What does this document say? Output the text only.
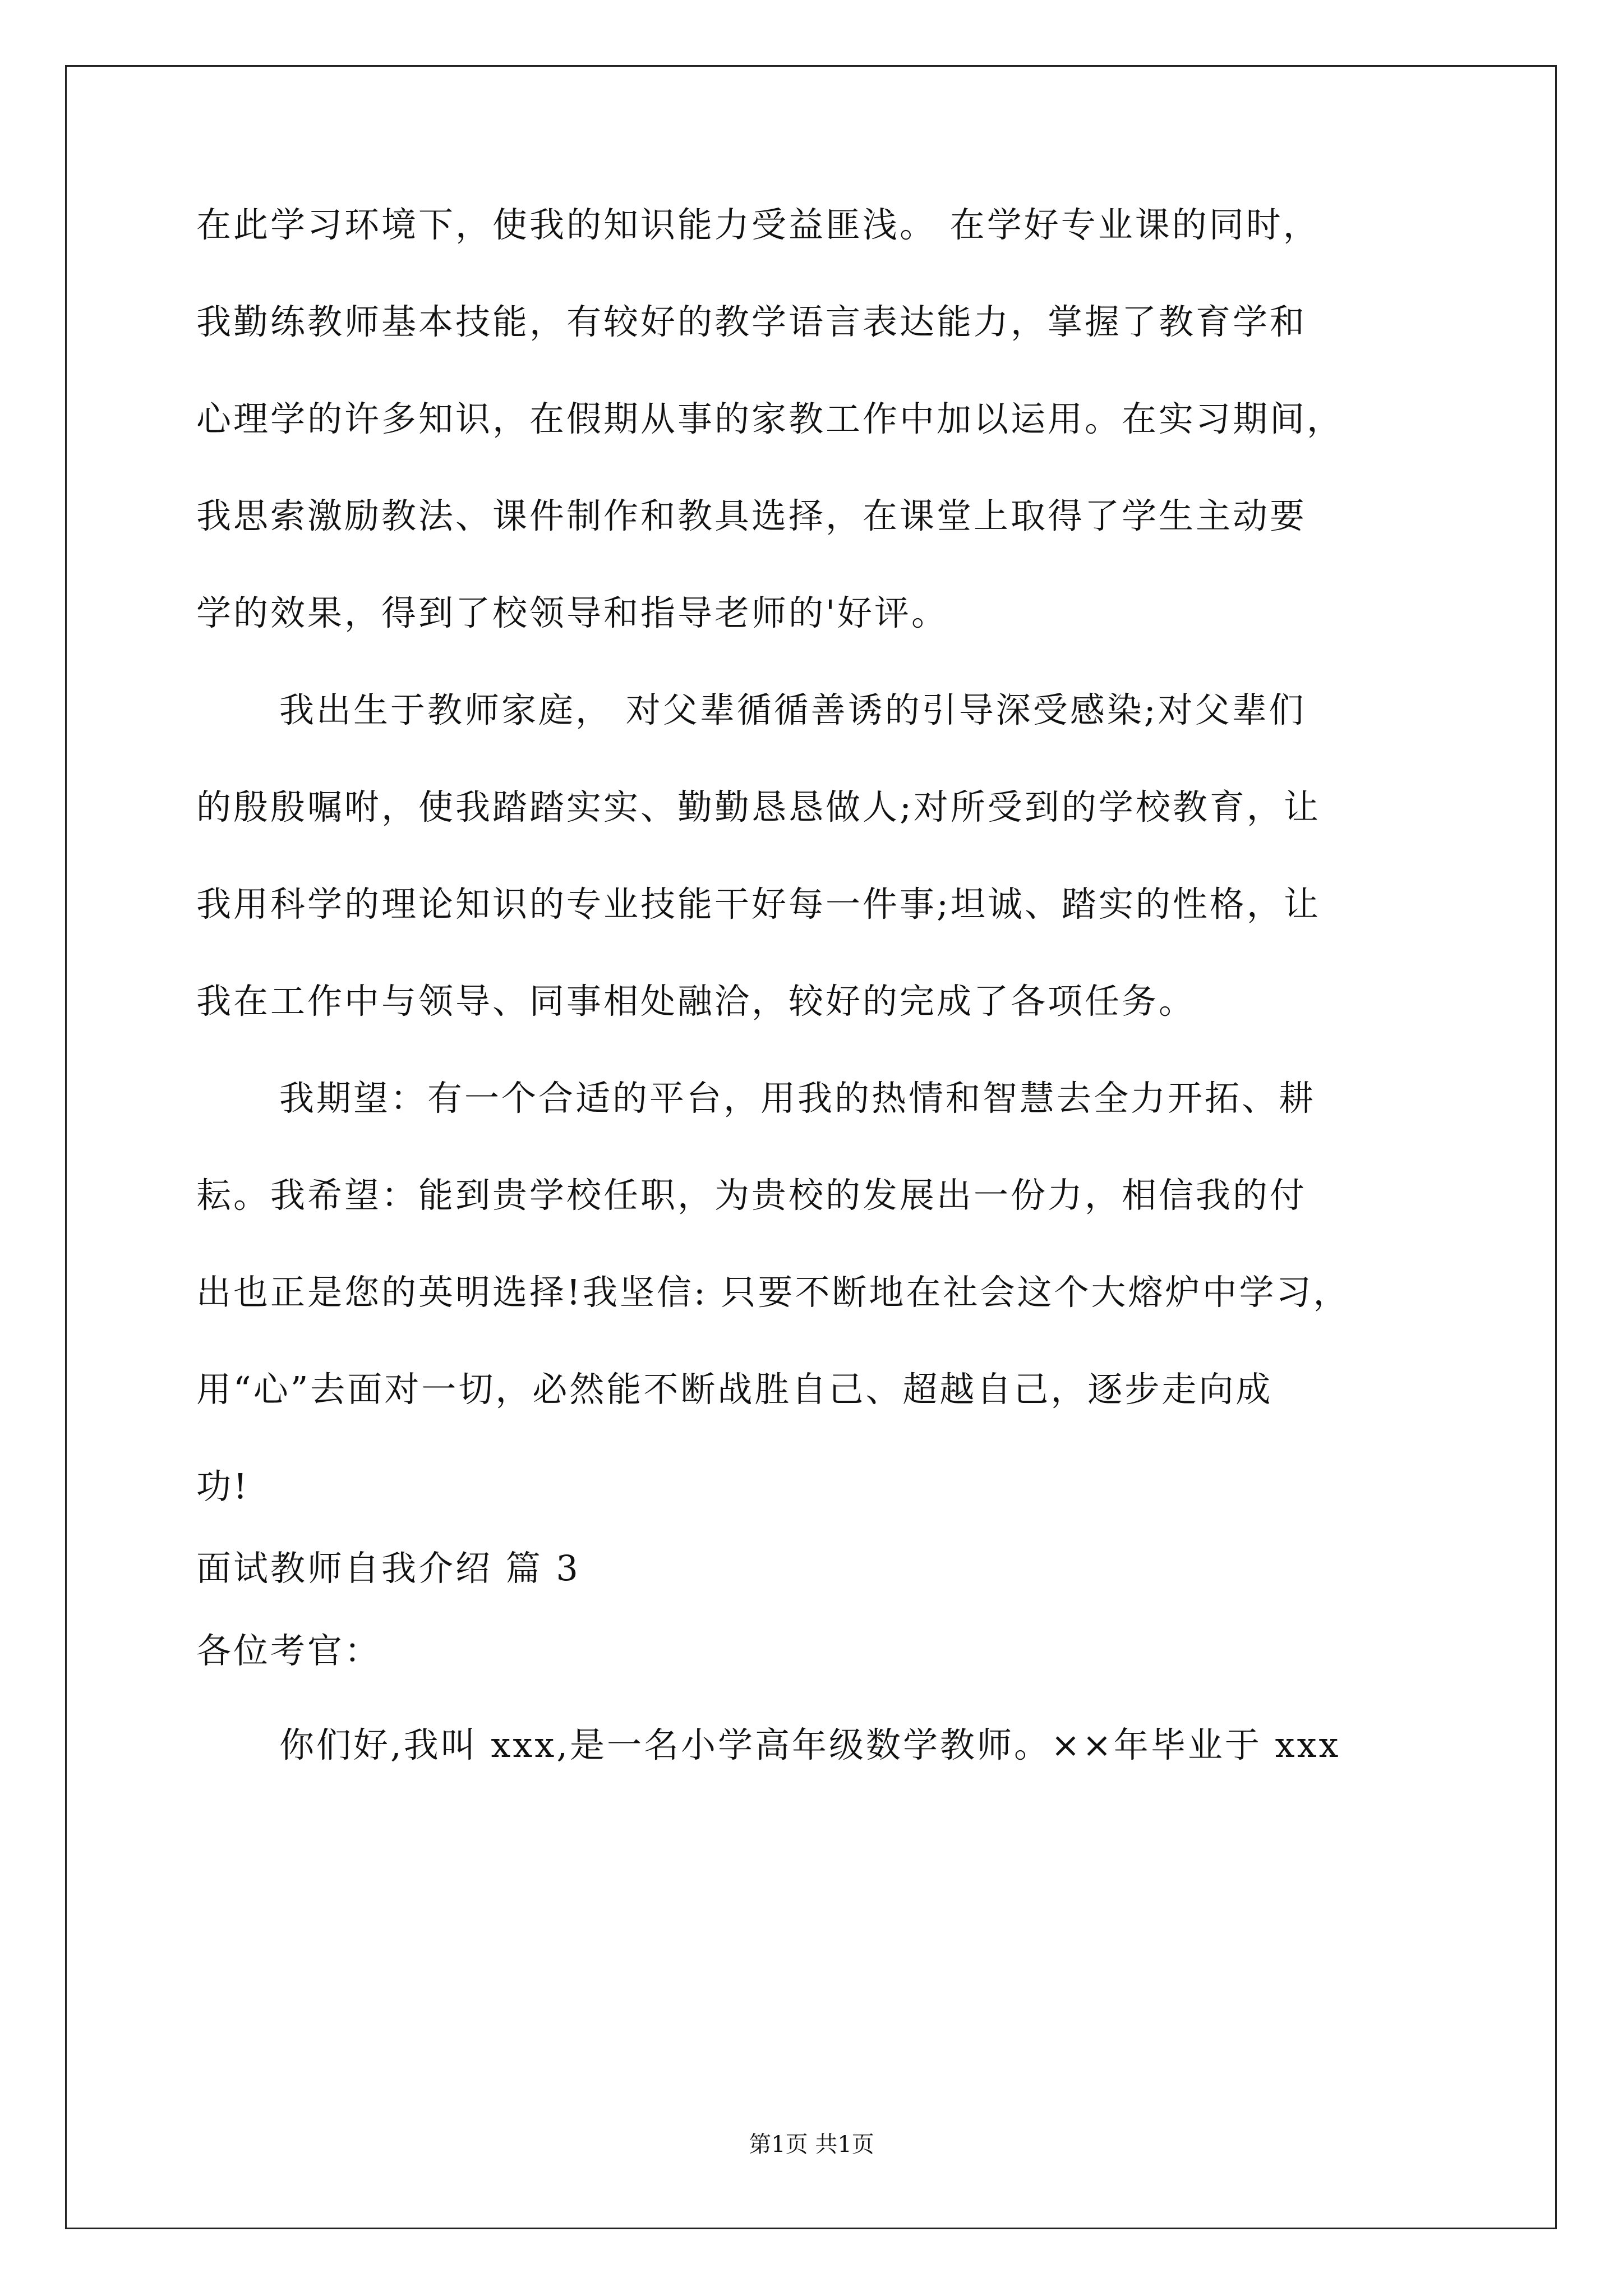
在此学习环境下，使我的知识能力受益匪浅。 在学好专业课的同时，
我勤练教师基本技能，有较好的教学语言表达能力，掌握了教育学和
心理学的许多知识，在假期从事的家教工作中加以运用。在实习期间，
我思索激励教法、课件制作和教具选择，在课堂上取得了学生主动要
学的效果，得到了校领导和指导老师的'好评。
我出生于教师家庭， 对父辈循循善诱的引导深受感染;对父辈们
的殷殷嘱咐，使我踏踏实实、勤勤恳恳做人;对所受到的学校教育，让
我用科学的理论知识的专业技能干好每一件事;坦诚、踏实的性格，让
我在工作中与领导、同事相处融洽，较好的完成了各项任务。
我期望：有一个合适的平台，用我的热情和智慧去全力开拓、耕
耘。我希望：能到贵学校任职，为贵校的发展出一份力，相信我的付
出也正是您的英明选择!我坚信: 只要不断地在社会这个大熔炉中学习，
用“心”去面对一切，必然能不断战胜自己、超越自己，逐步走向成
功!
面试教师自我介绍 篇 3
各位考官：
你们好,我叫 xxx,是一名小学高年级数学教师。××年毕业于 xxx
第1页 共1页
